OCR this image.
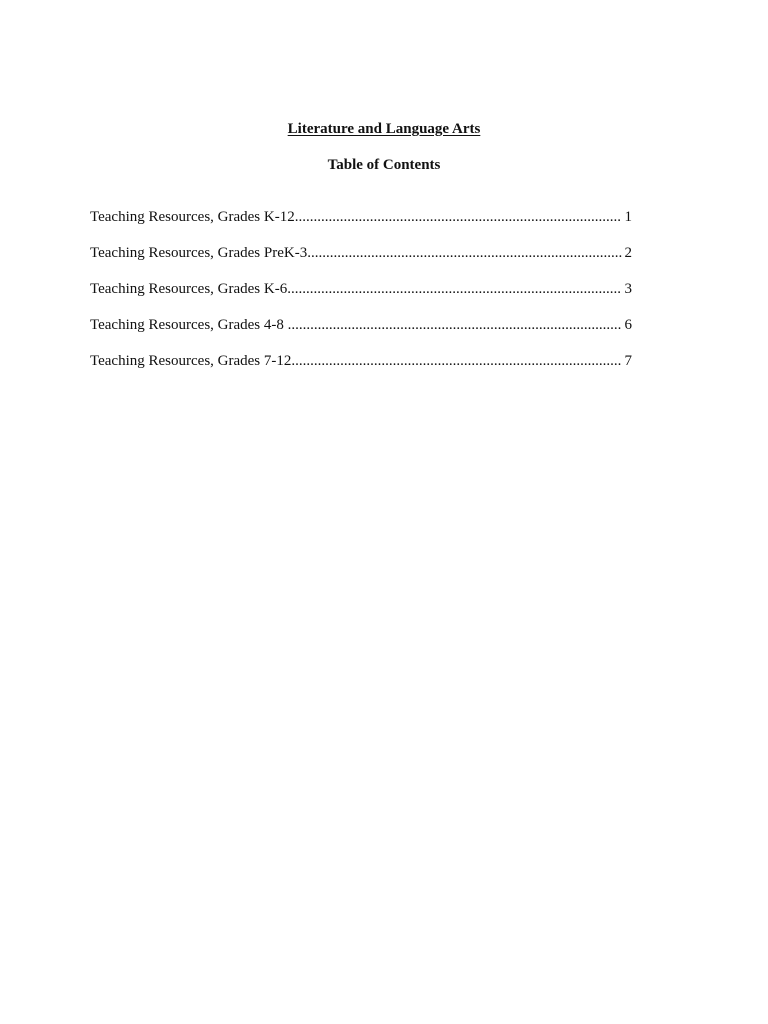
Literature and Language Arts
Table of Contents
Teaching Resources, Grades K-12 .....	1
Teaching Resources, Grades PreK-3 .....	2
Teaching Resources, Grades K-6 .....	3
Teaching Resources, Grades 4-8 .....	6
Teaching Resources, Grades 7-12 .....	7
